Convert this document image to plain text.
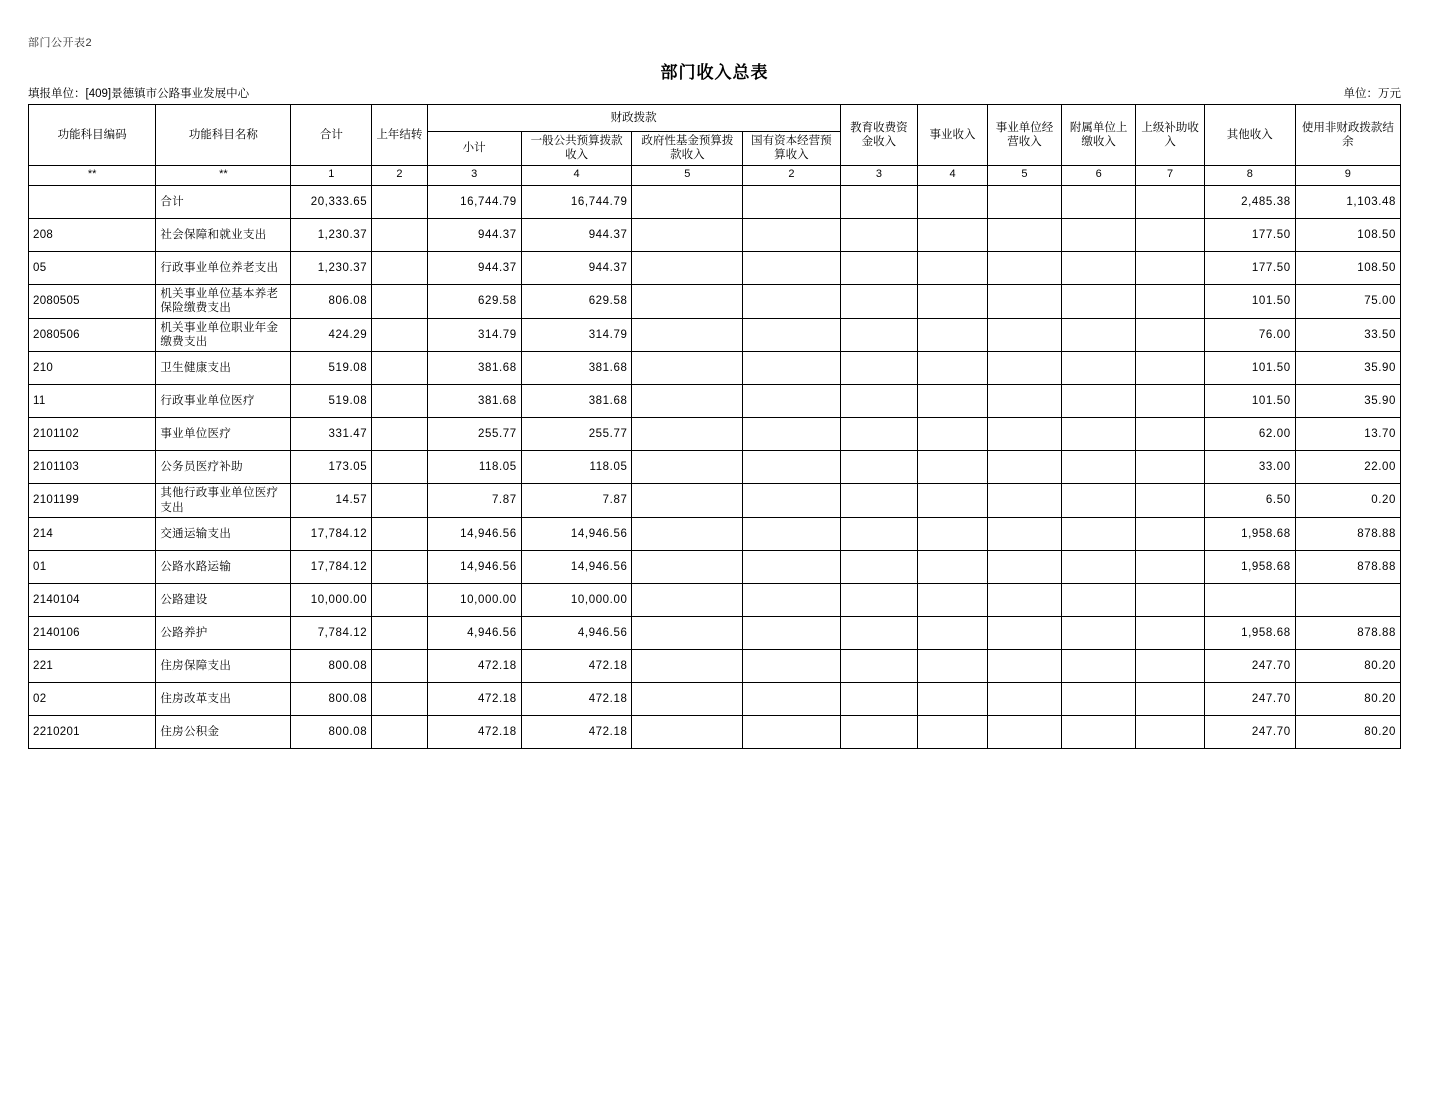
部门公开表2
部门收入总表
填报单位：[409]景德镇市公路事业发展中心	单位：万元
功能科目编码	功能科目名称	合计	上年结转	财政拨款				教育收费资金收入	事业收入	事业单位经营收入	附属单位上缴收入	上级补助收入	其他收入	使用非财政拨款结余
				小计	一般公共预算拨款收入	政府性基金预算拨款收入	国有资本经营预算收入							
**	**	1	2	3	4	5	2	3	4	5	6	7	8	9
	合计	20,333.65		16,744.79	16,744.79								2,485.38	1,103.48
208	社会保障和就业支出	1,230.37		944.37	944.37								177.50	108.50
05	行政事业单位养老支出	1,230.37		944.37	944.37								177.50	108.50
2080505	机关事业单位基本养老保险缴费支出	806.08		629.58	629.58								101.50	75.00
2080506	机关事业单位职业年金缴费支出	424.29		314.79	314.79								76.00	33.50
210	卫生健康支出	519.08		381.68	381.68								101.50	35.90
11	行政事业单位医疗	519.08		381.68	381.68								101.50	35.90
2101102	事业单位医疗	331.47		255.77	255.77								62.00	13.70
2101103	公务员医疗补助	173.05		118.05	118.05								33.00	22.00
2101199	其他行政事业单位医疗支出	14.57		7.87	7.87								6.50	0.20
214	交通运输支出	17,784.12		14,946.56	14,946.56								1,958.68	878.88
01	公路水路运输	17,784.12		14,946.56	14,946.56								1,958.68	878.88
2140104	公路建设	10,000.00		10,000.00	10,000.00									
2140106	公路养护	7,784.12		4,946.56	4,946.56								1,958.68	878.88
221	住房保障支出	800.08		472.18	472.18								247.70	80.20
02	住房改革支出	800.08		472.18	472.18								247.70	80.20
2210201	住房公积金	800.08		472.18	472.18								247.70	80.20
